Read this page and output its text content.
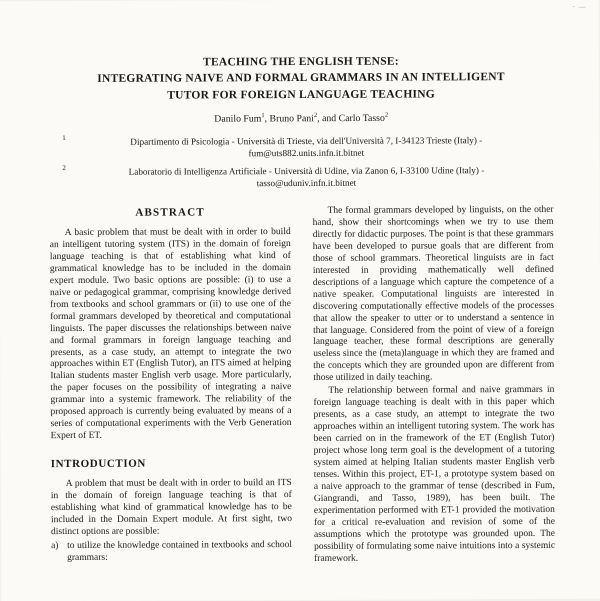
· —
TEACHING THE ENGLISH TENSE:
INTEGRATING NAIVE AND FORMAL GRAMMARS IN AN INTELLIGENT
TUTOR FOR FOREIGN LANGUAGE TEACHING
Danilo Fum$^1$, Bruno Pani$^2$, and Carlo Tasso$^2$
1	Dipartimento di Psicologia - Università di Trieste, via dell'Università 7, I-34123 Trieste (Italy) -
fum@uts882.units.infn.it.bitnet
2	Laboratorio di Intelligenza Artificiale - Università di Udine, via Zanon 6, I-33100 Udine (Italy) -
tasso@uduniv.infn.it.bitnet
ABSTRACT

A basic problem that must be dealt with in order to build an intelligent tutoring system (ITS) in the domain of foreign language teaching is that of establishing what kind of grammatical knowledge has to be included in the domain expert module. Two basic options are possible: (i) to use a naive or pedagogical grammar, comprising knowledge derived from textbooks and school grammars or (ii) to use one of the formal grammars developed by theoretical and computational linguists. The paper discusses the relationships between naive and formal grammars in foreign language teaching and presents, as a case study, an attempt to integrate the two approaches within ET (English Tutor), an ITS aimed at helping Italian students master English verb usage. More particularly, the paper focuses on the possibility of integrating a naive grammar into a systemic framework. The reliability of the proposed approach is currently being evaluated by means of a series of computational experiments with the Verb Generation Expert of ET.

INTRODUCTION

A problem that must be dealt with in order to build an ITS in the domain of foreign language teaching is that of establishing what kind of grammatical knowledge has to be included in the Domain Expert module. At first sight, two distinct options are possible:

a) to utilize the knowledge contained in textbooks and school grammars:

The formal grammars developed by linguists, on the other hand, show their shortcomings when we try to use them directly for didactic purposes. The point is that these grammars have been developed to pursue goals that are different from those of school grammars. Theoretical linguists are in fact interested in providing mathematically well defined descriptions of a language which capture the competence of a native speaker. Computational linguists are interested in discovering computationally effective models of the processes that allow the speaker to utter or to understand a sentence in that language. Considered from the point of view of a foreign language teacher, these formal descriptions are generally useless since the (meta)language in which they are framed and the concepts which they are grounded upon are different from those utilized in daily teaching.

The relationship between formal and naive grammars in foreign language teaching is dealt with in this paper which presents, as a case study, an attempt to integrate the two approaches within an intelligent tutoring system. The work has been carried on in the framework of the ET (English Tutor) project whose long term goal is the development of a tutoring system aimed at helping Italian students master English verb tenses. Within this project, ET-1, a prototype system based on a naive approach to the grammar of tense (described in Fum, Giangrandi, and Tasso, 1989), has been built. The experimentation performed with ET-1 provided the motivation for a critical re-evaluation and revision of some of the assumptions which the prototype was grounded upon. The possibility of formulating some naive intuitions into a systemic framework.
